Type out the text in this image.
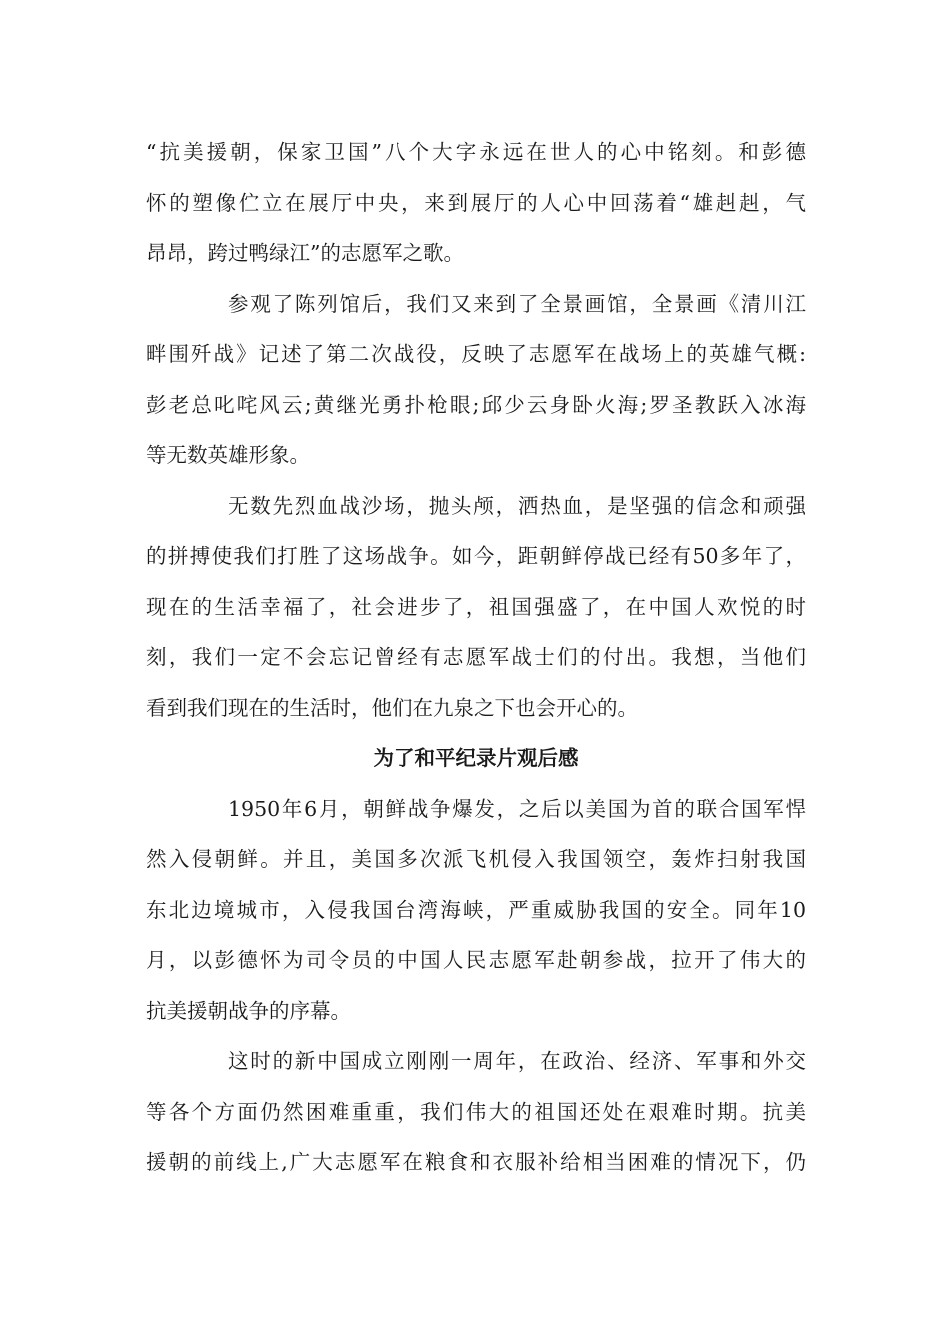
“抗美援朝，保家卫国”八个大字永远在世人的心中铭刻。和彭德
怀的塑像伫立在展厅中央，来到展厅的人心中回荡着“雄赳赳，气
昂昂，跨过鸭绿江”的志愿军之歌。
参观了陈列馆后，我们又来到了全景画馆，全景画《清川江
畔围歼战》记述了第二次战役，反映了志愿军在战场上的英雄气概:
彭老总叱咤风云;黄继光勇扑枪眼;邱少云身卧火海;罗圣教跃入冰海
等无数英雄形象。
无数先烈血战沙场，抛头颅，洒热血，是坚强的信念和顽强
的拼搏使我们打胜了这场战争。如今，距朝鲜停战已经有50多年了，
现在的生活幸福了，社会进步了，祖国强盛了，在中国人欢悦的时
刻，我们一定不会忘记曾经有志愿军战士们的付出。我想，当他们
看到我们现在的生活时，他们在九泉之下也会开心的。
为了和平纪录片观后感
1950年6月，朝鲜战争爆发，之后以美国为首的联合国军悍
然入侵朝鲜。并且，美国多次派飞机侵入我国领空，轰炸扫射我国
东北边境城市，入侵我国台湾海峡，严重威胁我国的安全。同年10
月，以彭德怀为司令员的中国人民志愿军赴朝参战，拉开了伟大的
抗美援朝战争的序幕。
这时的新中国成立刚刚一周年，在政治、经济、军事和外交
等各个方面仍然困难重重，我们伟大的祖国还处在艰难时期。抗美
援朝的前线上,广大志愿军在粮食和衣服补给相当困难的情况下，仍
